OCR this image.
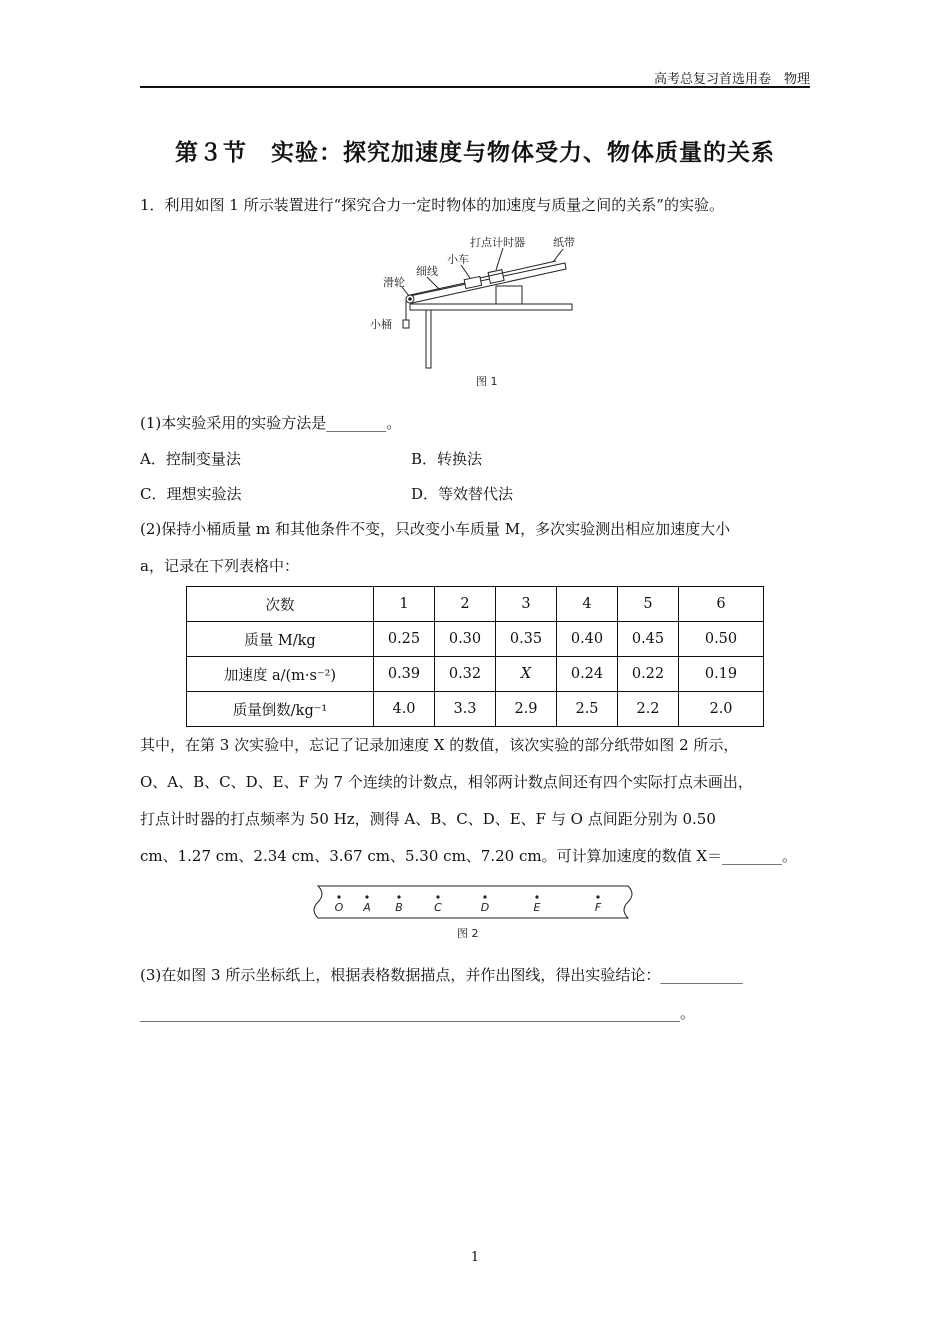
高考总复习首选用卷　物理
第３节　实验：探究加速度与物体受力、物体质量的关系
1．利用如图 1 所示装置进行“探究合力一定时物体的加速度与质量之间的关系”的实验。
打点计时器	纸带
小车
细线
滑轮
小桶
图 1
(1)本实验采用的实验方法是________。
A．控制变量法	B．转换法
C．理想实验法	D．等效替代法
(2)保持小桶质量 m 和其他条件不变，只改变小车质量 M，多次实验测出相应加速度大小
a，记录在下列表格中：
次数	1	2	3	4	5	6
质量 M/kg	0.25	0.30	0.35	0.40	0.45	0.50
加速度 a/(m·s⁻²)	0.39	0.32	X	0.24	0.22	0.19
质量倒数/kg⁻¹	4.0	3.3	2.9	2.5	2.2	2.0
其中，在第 3 次实验中，忘记了记录加速度 X 的数值，该次实验的部分纸带如图 2 所示，
O、A、B、C、D、E、F 为 7 个连续的计数点，相邻两计数点间还有四个实际打点未画出，
打点计时器的打点频率为 50 Hz，测得 A、B、C、D、E、F 与 O 点间距分别为 0.50
cm、1.27 cm、2.34 cm、3.67 cm、5.30 cm、7.20 cm。可计算加速度的数值 X＝________。
O A B	C	D	E	F
图 2
(3)在如图 3 所示坐标纸上，根据表格数据描点，并作出图线，得出实验结论：___________
________________________________________________________________________。
1
